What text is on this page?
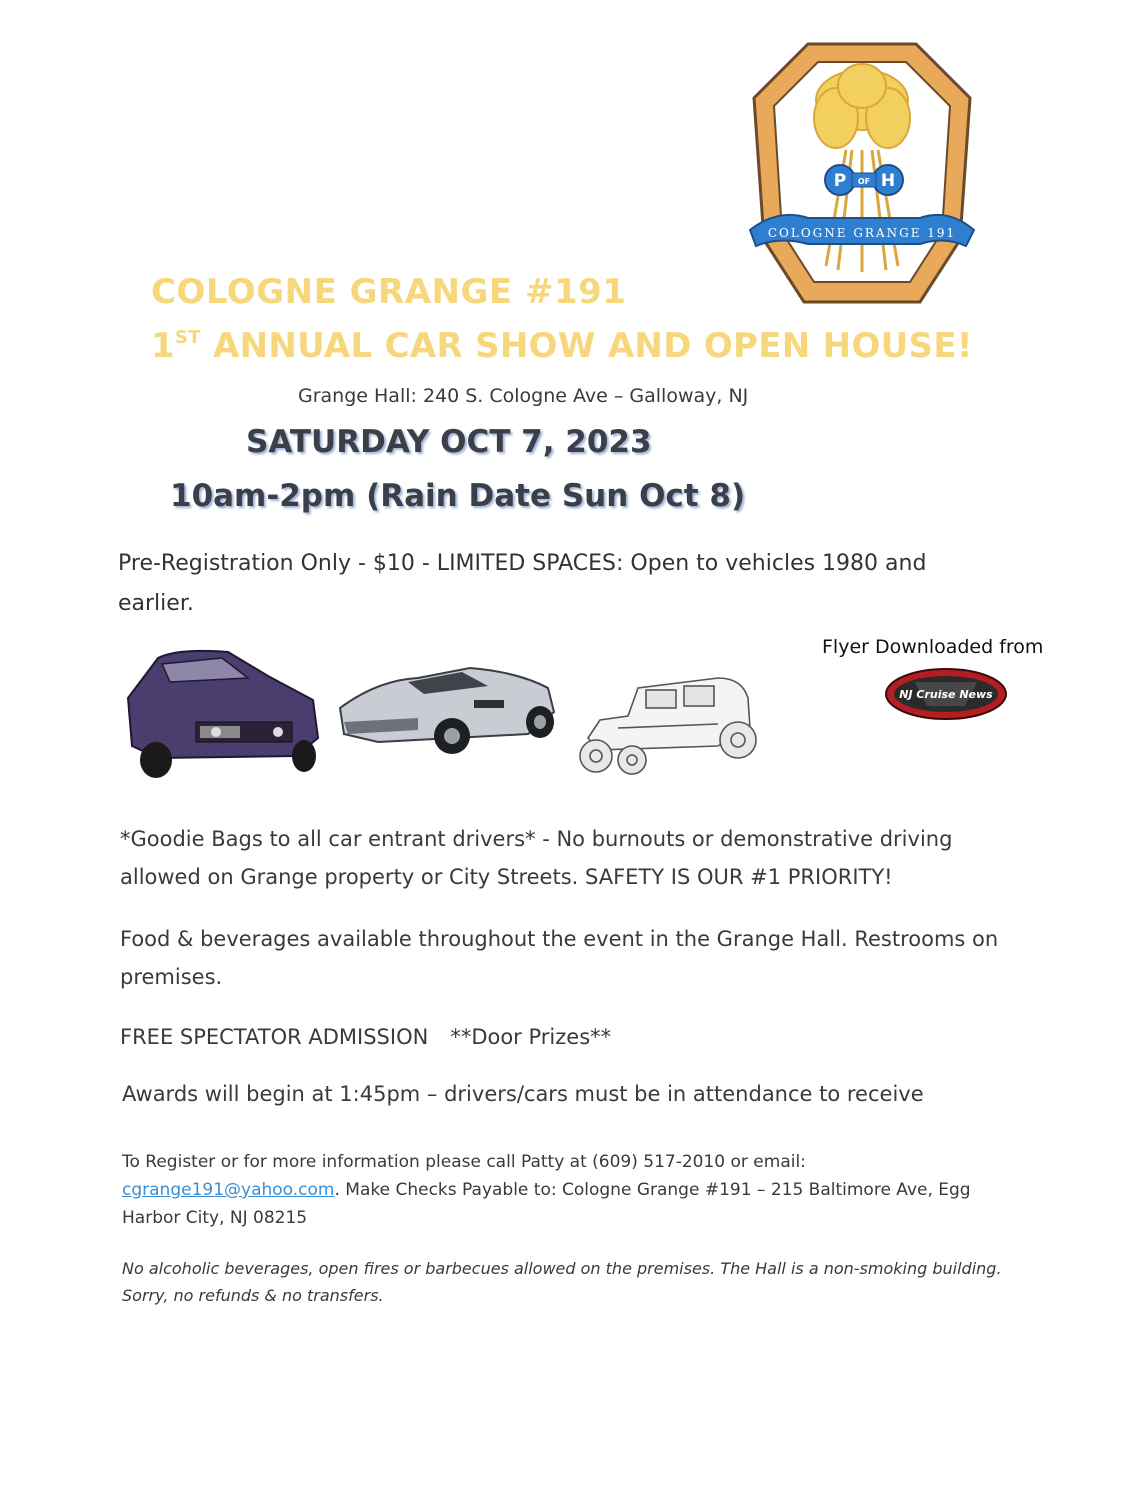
P OF H
COLOGNE GRANGE 191
COLOGNE GRANGE #191
1ST ANNUAL CAR SHOW AND OPEN HOUSE!
Grange Hall: 240 S. Cologne Ave – Galloway, NJ
SATURDAY OCT 7, 2023
10am-2pm (Rain Date Sun Oct 8)
Pre-Registration Only - $10 - LIMITED SPACES: Open to vehicles 1980 and earlier.
Flyer Downloaded from
NJ Cruise News
*Goodie Bags to all car entrant drivers* - No burnouts or demonstrative driving allowed on Grange property or City Streets. SAFETY IS OUR #1 PRIORITY!
Food & beverages available throughout the event in the Grange Hall. Restrooms on premises.
FREE SPECTATOR ADMISSION **Door Prizes**
Awards will begin at 1:45pm – drivers/cars must be in attendance to receive
To Register or for more information please call Patty at (609) 517-2010 or email:
cgrange191@yahoo.com. Make Checks Payable to: Cologne Grange #191 – 215 Baltimore Ave, Egg Harbor City, NJ 08215
No alcoholic beverages, open fires or barbecues allowed on the premises. The Hall is a non-smoking building. Sorry, no refunds & no transfers.
